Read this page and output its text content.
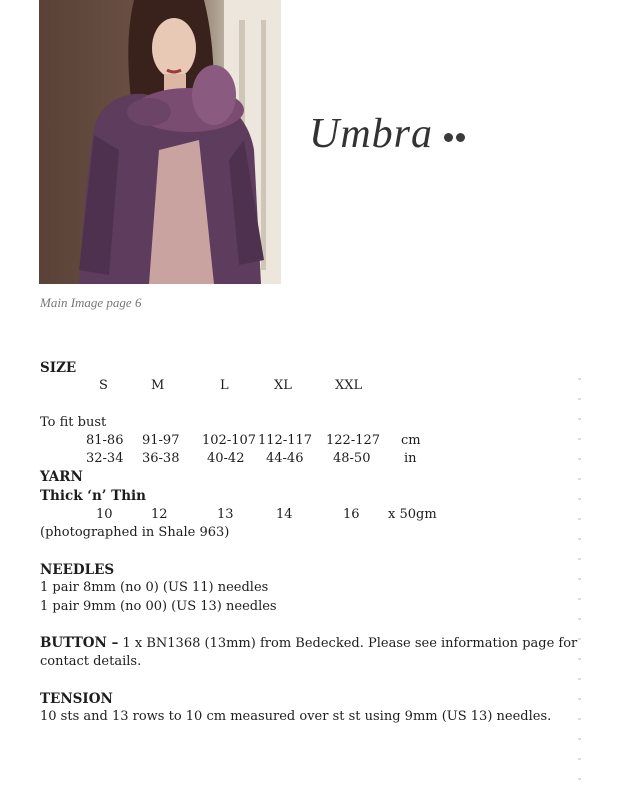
Umbra
Main Image page 6
SIZE
S	M	L	XL	XXL
To fit bust
81-86 91-97 102-107 112-117 122-127 cm
32-34 36-38 40-42 44-46 48-50	in
YARN
Thick ‘n’ Thin
10	12	13	14	16 x 50gm
(photographed in Shale 963)
NEEDLES
1 pair 8mm (no 0) (US 11) needles
1 pair 9mm (no 00) (US 13) needles
BUTTON – 1 x BN1368 (13mm) from Bedecked. Please see information page for
contact details.
TENSION
10 sts and 13 rows to 10 cm measured over st st using 9mm (US 13) needles.
